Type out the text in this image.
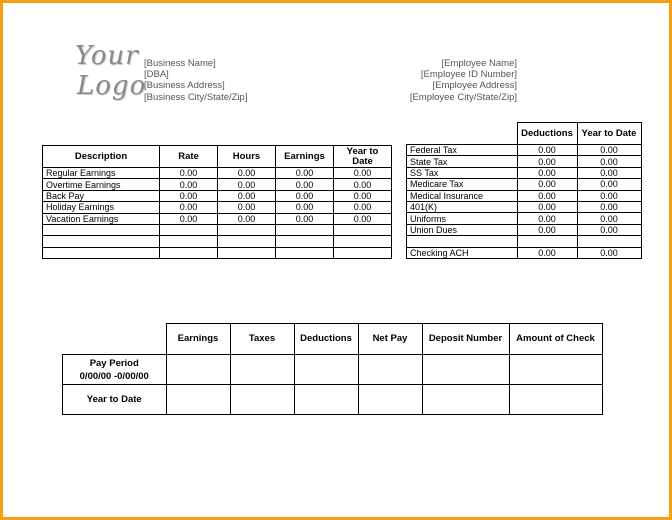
Your
Logo
[Business Name]
[DBA]
[Business Address]
[Business City/State/Zip]
[Employee Name]
[Employee ID Number]
[Employee Address]
[Employee City/State/Zip]
Description	Rate	Hours	Earnings	Year to Date
Regular Earnings	0.00	0.00	0.00	0.00
Overtime Earnings	0.00	0.00	0.00	0.00
Back Pay	0.00	0.00	0.00	0.00
Holiday Earnings	0.00	0.00	0.00	0.00
Vacation Earnings	0.00	0.00	0.00	0.00

	Deductions	Year to Date
Federal Tax	0.00	0.00
State Tax	0.00	0.00
SS Tax	0.00	0.00
Medicare Tax	0.00	0.00
Medical Insurance	0.00	0.00
401(K)	0.00	0.00
Uniforms	0.00	0.00
Union Dues	0.00	0.00

Checking ACH	0.00	0.00
	Earnings	Taxes	Deductions	Net Pay	Deposit Number	Amount of Check

Pay Period
0/00/00 -0/00/00						

Year to Date						
